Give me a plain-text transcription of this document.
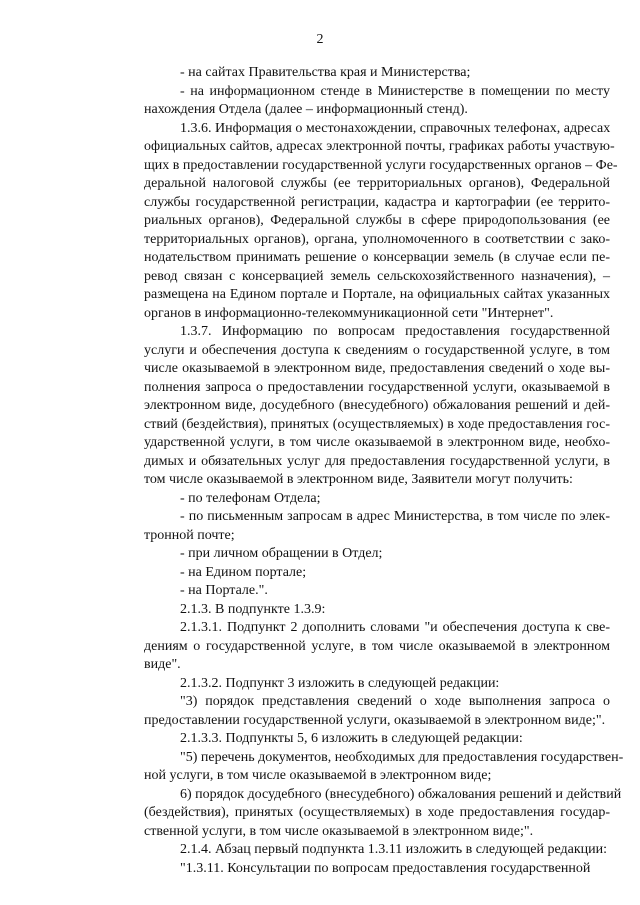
2
- на сайтах Правительства края и Министерства;
- на информационном стенде в Министерстве в помещении по месту
нахождения Отдела (далее – информационный стенд).
1.3.6. Информация о местонахождении, справочных телефонах, адресах
официальных сайтов, адресах электронной почты, графиках работы участвую-
щих в предоставлении государственной услуги государственных органов – Фе-
деральной налоговой службы (ее территориальных органов), Федеральной
службы государственной регистрации, кадастра и картографии (ее террито-
риальных органов), Федеральной службы в сфере природопользования (ее
территориальных органов), органа, уполномоченного в соответствии с зако-
нодательством принимать решение о консервации земель (в случае если пе-
ревод связан с консервацией земель сельскохозяйственного назначения), –
размещена на Едином портале и Портале, на официальных сайтах указанных
органов в информационно-телекоммуникационной сети "Интернет".
1.3.7. Информацию по вопросам предоставления государственной
услуги и обеспечения доступа к сведениям о государственной услуге, в том
числе оказываемой в электронном виде, предоставления сведений о ходе вы-
полнения запроса о предоставлении государственной услуги, оказываемой в
электронном виде, досудебного (внесудебного) обжалования решений и дей-
ствий (бездействия), принятых (осуществляемых) в ходе предоставления гос-
ударственной услуги, в том числе оказываемой в электронном виде, необхо-
димых и обязательных услуг для предоставления государственной услуги, в
том числе оказываемой в электронном виде, Заявители могут получить:
- по телефонам Отдела;
- по письменным запросам в адрес Министерства, в том числе по элек-
тронной почте;
- при личном обращении в Отдел;
- на Едином портале;
- на Портале.".
2.1.3. В подпункте 1.3.9:
2.1.3.1. Подпункт 2 дополнить словами "и обеспечения доступа к све-
дениям о государственной услуге, в том числе оказываемой в электронном
виде".
2.1.3.2. Подпункт 3 изложить в следующей редакции:
"3) порядок представления сведений о ходе выполнения запроса о
предоставлении государственной услуги, оказываемой в электронном виде;".
2.1.3.3. Подпункты 5, 6 изложить в следующей редакции:
"5) перечень документов, необходимых для предоставления государствен-
ной услуги, в том числе оказываемой в электронном виде;
6) порядок досудебного (внесудебного) обжалования решений и действий
(бездействия), принятых (осуществляемых) в ходе предоставления государ-
ственной услуги, в том числе оказываемой в электронном виде;".
2.1.4. Абзац первый подпункта 1.3.11 изложить в следующей редакции:
"1.3.11. Консультации по вопросам предоставления государственной
